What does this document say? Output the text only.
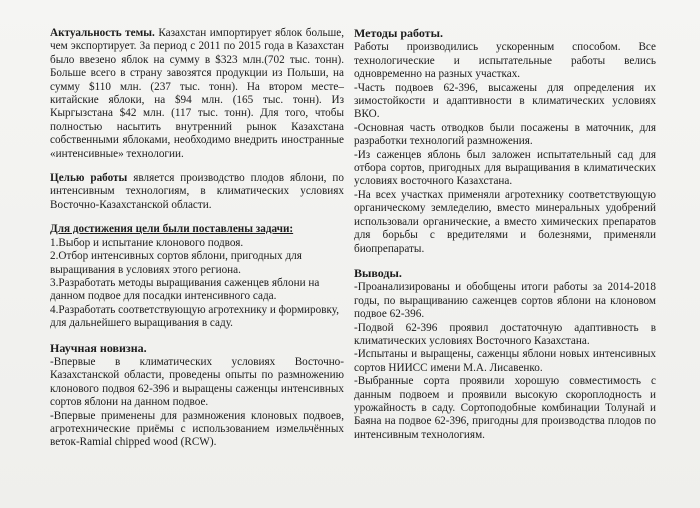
Актуальность темы. Казахстан импортирует яблок больше, чем экспортирует. За период с 2011 по 2015 года в Казахстан было ввезено яблок на сумму в $323 млн.(702 тыс. тонн). Больше всего в страну завозятся продукции из Польши, на сумму $110 млн. (237 тыс. тонн). На втором месте– китайские яблоки, на $94 млн. (165 тыс. тонн). Из Кыргызстана $42 млн. (117 тыс. тонн). Для того, чтобы полностью насытить внутренний рынок Казахстана собственными яблоками, необходимо внедрить иностранные «интенсивные» технологии.

Целью работы является производство плодов яблони, по интенсивным технологиям, в климатических условиях Восточно-Казахстанской области.

Для достижения цели были поставлены задачи:

1.Выбор и испытание клонового подвоя.

2.Отбор интенсивных сортов яблони, пригодных для выращивания в условиях этого региона.

3.Разработать методы выращивания саженцев яблони на данном подвое для посадки интенсивного сада.

4.Разработать соответствующую агротехнику и формировку, для дальнейшего выращивания в саду.

Научная новизна.

-Впервые в климатических условиях Восточно-Казахстанской области, проведены опыты по размножению клонового подвоя 62-396 и выращены саженцы интенсивных сортов яблони на данном подвое.

-Впервые применены для размножения клоновых подвоев, агротехнические приёмы с использованием измельчённых веток-Ramial chipped wood (RCW).

Методы работы.

Работы производились ускоренным способом. Все технологические и испытательные работы велись одновременно на разных участках.

-Часть подвоев 62-396, высажены для определения их зимостойкости и адаптивности в климатических условиях ВКО.

-Основная часть отводков были посажены в маточник, для разработки технологий размножения.

-Из саженцев яблонь был заложен испытательный сад для отбора сортов, пригодных для выращивания в климатических условиях восточного Казахстана.

-На всех участках применяли агротехнику соответствующую органическому земледелию, вместо минеральных удобрений использовали органические, а вместо химических препаратов для борьбы с вредителями и болезнями, применяли биопрепараты.

Выводы.

-Проанализированы и обобщены итоги работы за 2014-2018 годы, по выращиванию саженцев сортов яблони на клоновом подвое 62-396.

-Подвой 62-396 проявил достаточную адаптивность в климатических условиях Восточного Казахстана.

-Испытаны и выращены, саженцы яблони новых интенсивных сортов НИИСС имени М.А. Лисавенко.

-Выбранные сорта проявили хорошую совместимость с данным подвоем и проявили высокую скороплодность и урожайность в саду. Сортоподобные комбинации Толунай и Баяна на подвое 62-396, пригодны для производства плодов по интенсивным технологиям.
